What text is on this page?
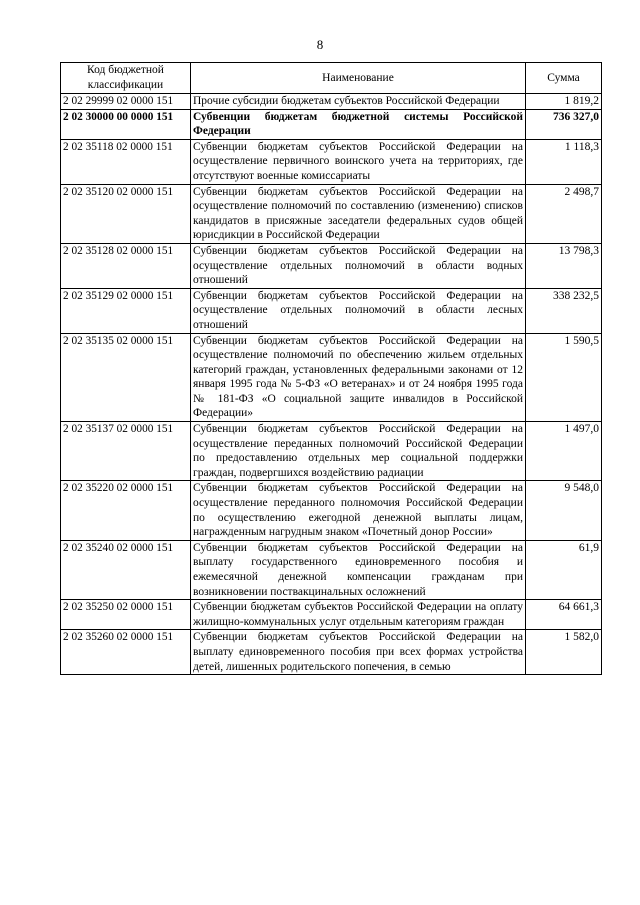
8
Код бюджетной классификации	Наименование	Сумма
2 02 29999 02 0000 151	Прочие субсидии бюджетам субъектов Российской Федерации	1 819,2
2 02 30000 00 0000 151	Субвенции бюджетам бюджетной системы Российской Федерации	736 327,0
2 02 35118 02 0000 151	Субвенции бюджетам субъектов Российской Федерации на осуществление первичного воинского учета на территориях, где отсутствуют военные комиссариаты	1 118,3
2 02 35120 02 0000 151	Субвенции бюджетам субъектов Российской Федерации на осуществление полномочий по составлению (изменению) списков кандидатов в присяжные заседатели федеральных судов общей юрисдикции в Российской Федерации	2 498,7
2 02 35128 02 0000 151	Субвенции бюджетам субъектов Российской Федерации на осуществление отдельных полномочий в области водных отношений	13 798,3
2 02 35129 02 0000 151	Субвенции бюджетам субъектов Российской Федерации на осуществление отдельных полномочий в области лесных отношений	338 232,5
2 02 35135 02 0000 151	Субвенции бюджетам субъектов Российской Федерации на осуществление полномочий по обеспечению жильем отдельных категорий граждан, установленных федеральными законами от 12 января 1995 года № 5-ФЗ «О ветеранах» и от 24 ноября 1995 года № 181-ФЗ «О социальной защите инвалидов в Российской Федерации»	1 590,5
2 02 35137 02 0000 151	Субвенции бюджетам субъектов Российской Федерации на осуществление переданных полномочий Российской Федерации по предоставлению отдельных мер социальной поддержки граждан, подвергшихся воздействию радиации	1 497,0
2 02 35220 02 0000 151	Субвенции бюджетам субъектов Российской Федерации на осуществление переданного полномочия Российской Федерации по осуществлению ежегодной денежной выплаты лицам, награжденным нагрудным знаком «Почетный донор России»	9 548,0
2 02 35240 02 0000 151	Субвенции бюджетам субъектов Российской Федерации на выплату государственного единовременного пособия и ежемесячной денежной компенсации гражданам при возникновении поствакцинальных осложнений	61,9
2 02 35250 02 0000 151	Субвенции бюджетам субъектов Российской Федерации на оплату жилищно-коммунальных услуг отдельным категориям граждан	64 661,3
2 02 35260 02 0000 151	Субвенции бюджетам субъектов Российской Федерации на выплату единовременного пособия при всех формах устройства детей, лишенных родительского попечения, в семью	1 582,0
